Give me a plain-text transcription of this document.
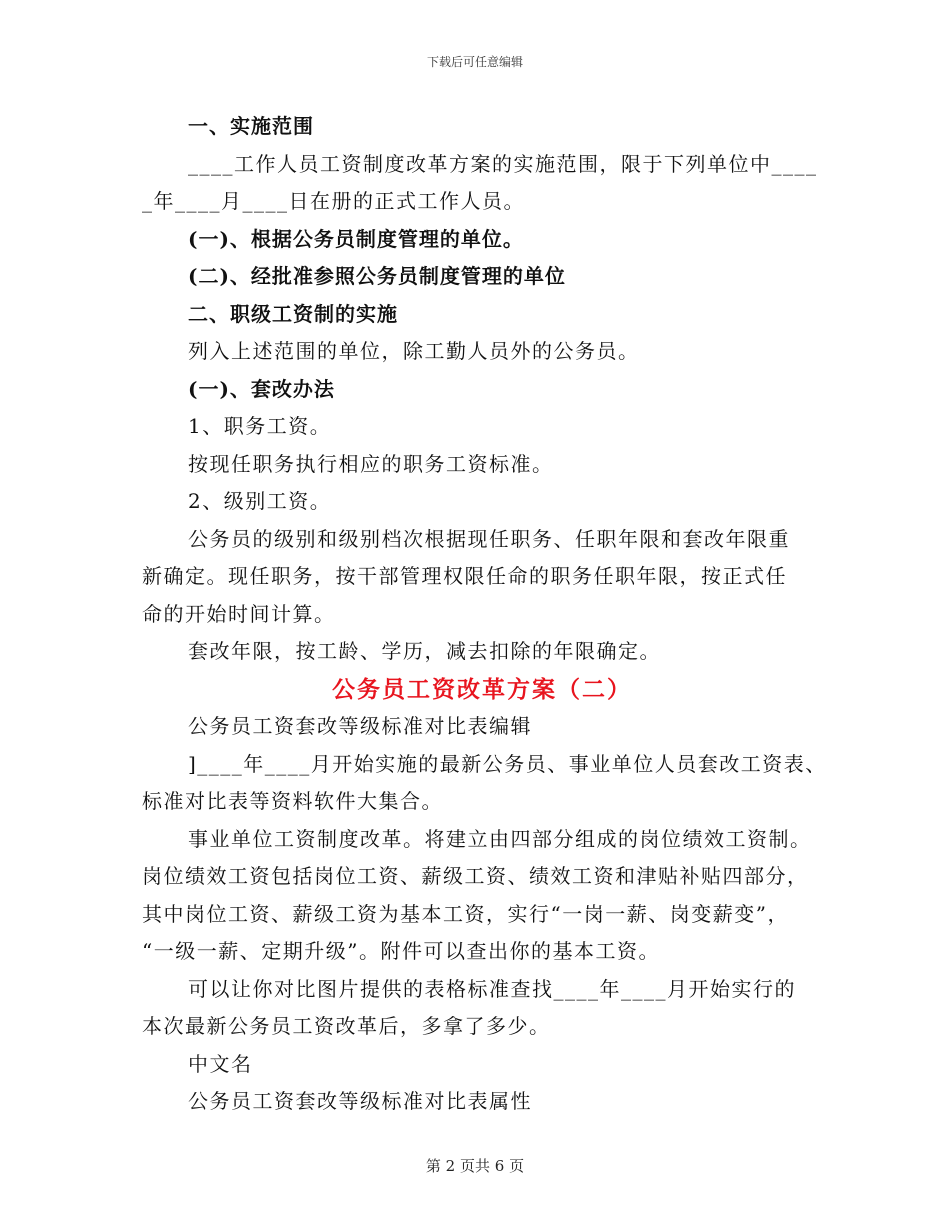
下载后可任意编辑
一、实施范围
____工作人员工资制度改革方案的实施范围，限于下列单位中____
_年____月____日在册的正式工作人员。
(一)、根据公务员制度管理的单位。
(二)、经批准参照公务员制度管理的单位
二、职级工资制的实施
列入上述范围的单位，除工勤人员外的公务员。
(一)、套改办法
1、职务工资。
按现任职务执行相应的职务工资标准。
2、级别工资。
公务员的级别和级别档次根据现任职务、任职年限和套改年限重
新确定。现任职务，按干部管理权限任命的职务任职年限，按正式任
命的开始时间计算。
套改年限，按工龄、学历，减去扣除的年限确定。
公务员工资改革方案（二）
公务员工资套改等级标准对比表编辑
]____年____月开始实施的最新公务员、事业单位人员套改工资表、
标准对比表等资料软件大集合。
事业单位工资制度改革。将建立由四部分组成的岗位绩效工资制。
岗位绩效工资包括岗位工资、薪级工资、绩效工资和津贴补贴四部分，
其中岗位工资、薪级工资为基本工资，实行“一岗一薪、岗变薪变”，
“一级一薪、定期升级”。附件可以查出你的基本工资。
可以让你对比图片提供的表格标准查找____年____月开始实行的
本次最新公务员工资改革后，多拿了多少。
中文名
公务员工资套改等级标准对比表属性
第 2 页共 6 页
